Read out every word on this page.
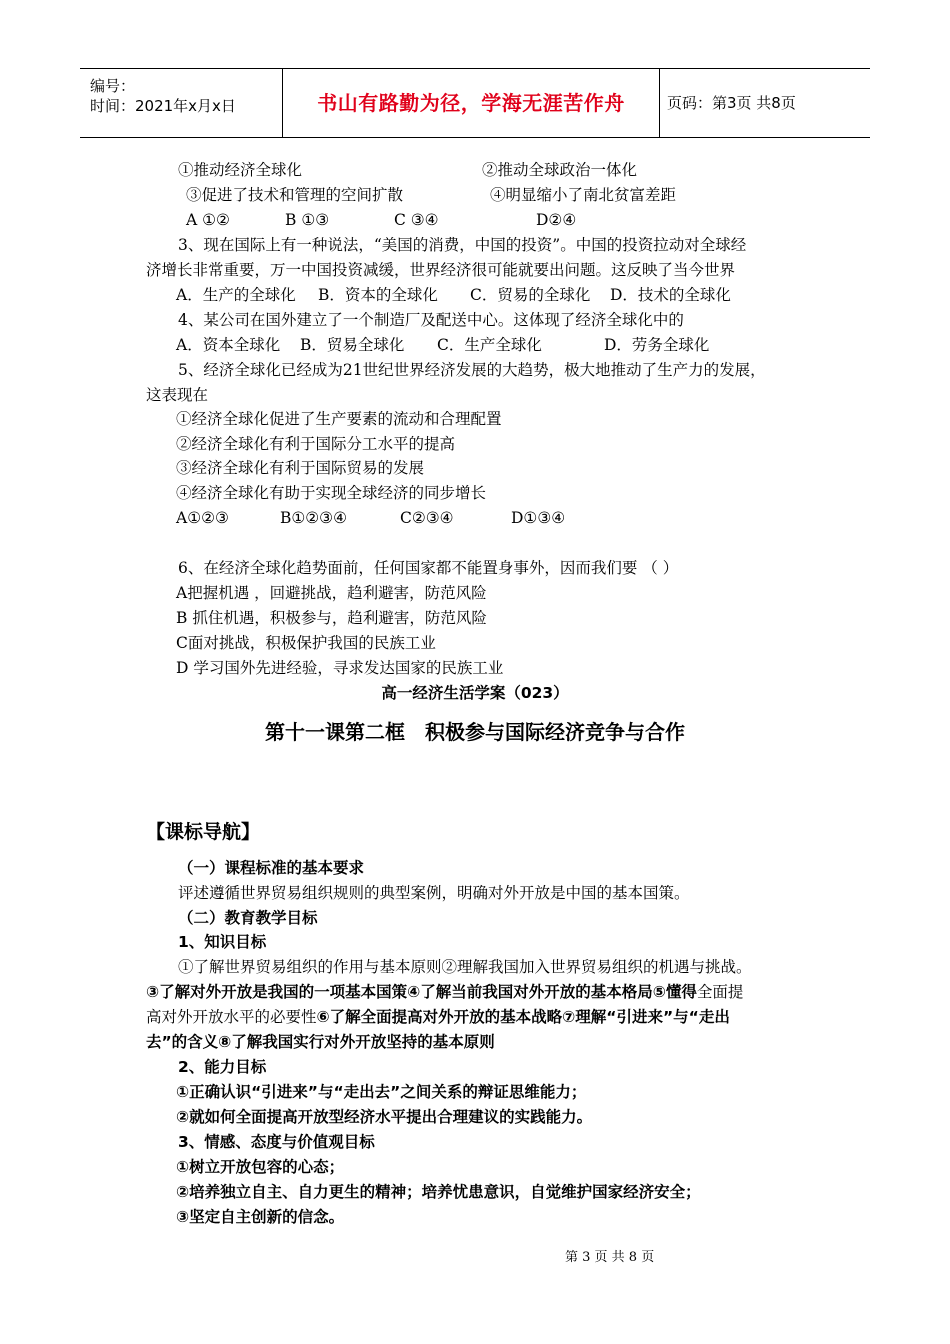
编号：
时间：2021年x月x日	书山有路勤为径，学海无涯苦作舟	页码：第3页 共8页
①推动经济全球化	②推动全球政治一体化
③促进了技术和管理的空间扩散	④明显缩小了南北贫富差距
A ①②	B ①③	C ③④	D②④
3、现在国际上有一种说法，“美国的消费，中国的投资”。中国的投资拉动对全球经
济增长非常重要，万一中国投资减缓，世界经济很可能就要出问题。这反映了当今世界
A．生产的全球化 B．资本的全球化 C．贸易的全球化 D．技术的全球化
4、某公司在国外建立了一个制造厂及配送中心。这体现了经济全球化中的
A．资本全球化 B．贸易全球化 C．生产全球化	D．劳务全球化
5、经济全球化已经成为21世纪世界经济发展的大趋势，极大地推动了生产力的发展，
这表现在
①经济全球化促进了生产要素的流动和合理配置
②经济全球化有利于国际分工水平的提高
③经济全球化有利于国际贸易的发展
④经济全球化有助于实现全球经济的同步增长
A①②③	B①②③④	C②③④	D①③④
6、在经济全球化趋势面前，任何国家都不能置身事外，因而我们要 （ ）
A把握机遇 ，回避挑战，趋利避害，防范风险
B 抓住机遇，积极参与，趋利避害，防范风险
C面对挑战，积极保护我国的民族工业
D 学习国外先进经验，寻求发达国家的民族工业
高一经济生活学案（023）
第十一课第二框　积极参与国际经济竞争与合作
【课标导航】
（一）课程标准的基本要求
评述遵循世界贸易组织规则的典型案例，明确对外开放是中国的基本国策。
（二）教育教学目标
1、知识目标
①了解世界贸易组织的作用与基本原则②理解我国加入世界贸易组织的机遇与挑战。
③了解对外开放是我国的一项基本国策④了解当前我国对外开放的基本格局⑤懂得全面提
高对外开放水平的必要性⑥了解全面提高对外开放的基本战略⑦理解“引进来”与“走出
去”的含义⑧了解我国实行对外开放坚持的基本原则
2、能力目标
①正确认识“引进来”与“走出去”之间关系的辩证思维能力；
②就如何全面提高开放型经济水平提出合理建议的实践能力。
3、情感、态度与价值观目标
①树立开放包容的心态；
②培养独立自主、自力更生的精神；培养忧患意识，自觉维护国家经济安全；
③坚定自主创新的信念。
第 3 页 共 8 页
